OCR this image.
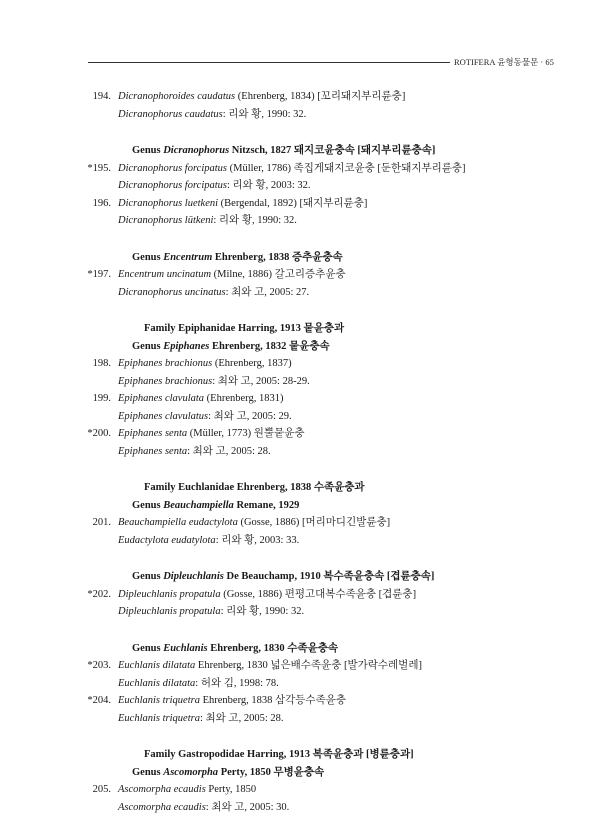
ROTIFERA 윤형동물문 · 65
194. Dicranophoroides caudatus (Ehrenberg, 1834) [꼬리돼지부리륜충]
Dicranophorus caudatus: 리와 황, 1990: 32.
Genus Dicranophorus Nitzsch, 1827 돼지코윤충속 [돼지부리륜충속]
*195. Dicranophorus forcipatus (Müller, 1786) 족집게돼지코윤충 [둔한돼지부리륜충]
Dicranophorus forcipatus: 리와 황, 2003: 32.
196. Dicranophorus luetkeni (Bergendal, 1892) [돼지부리륜충]
Dicranophorus lütkeni: 리와 황, 1990: 32.
Genus Encentrum Ehrenberg, 1838 증추윤충속
*197. Encentrum uncinatum (Milne, 1886) 갈고리증추윤충
Dicranophorus uncinatus: 최와 고, 2005: 27.
Family Epiphanidae Harring, 1913 뭍윤충과
Genus Epiphanes Ehrenberg, 1832 뭍윤충속
198. Epiphanes brachionus (Ehrenberg, 1837)
Epiphanes brachionus: 최와 고, 2005: 28-29.
199. Epiphanes clavulata (Ehrenberg, 1831)
Epiphanes clavulatus: 최와 고, 2005: 29.
*200. Epiphanes senta (Müller, 1773) 원뿔뭍윤충
Epiphanes senta: 최와 고, 2005: 28.
Family Euchlanidae Ehrenberg, 1838 수족윤충과
Genus Beauchampiella Remane, 1929
201. Beauchampiella eudactylota (Gosse, 1886) [머리마디긴발륜충]
Eudactylota eudatylota: 리와 황, 2003: 33.
Genus Dipleuchlanis De Beauchamp, 1910 복수족윤충속 [겹륜충속]
*202. Dipleuchlanis propatula (Gosse, 1886) 편평고대복수족윤충 [겹륜충]
Dipleuchlanis propatula: 리와 황, 1990: 32.
Genus Euchlanis Ehrenberg, 1830 수족윤충속
*203. Euchlanis dilatata Ehrenberg, 1830 넓은배수족윤충 [발가락수레벌레]
Euchlanis dilatata: 허와 김, 1998: 78.
*204. Euchlanis triquetra Ehrenberg, 1838 삼각등수족윤충
Euchlanis triquetra: 최와 고, 2005: 28.
Family Gastropodidae Harring, 1913 복족윤충과 [병륜충과]
Genus Ascomorpha Perty, 1850 무병윤충속
205. Ascomorpha ecaudis Perty, 1850
Ascomorpha ecaudis: 최와 고, 2005: 30.
